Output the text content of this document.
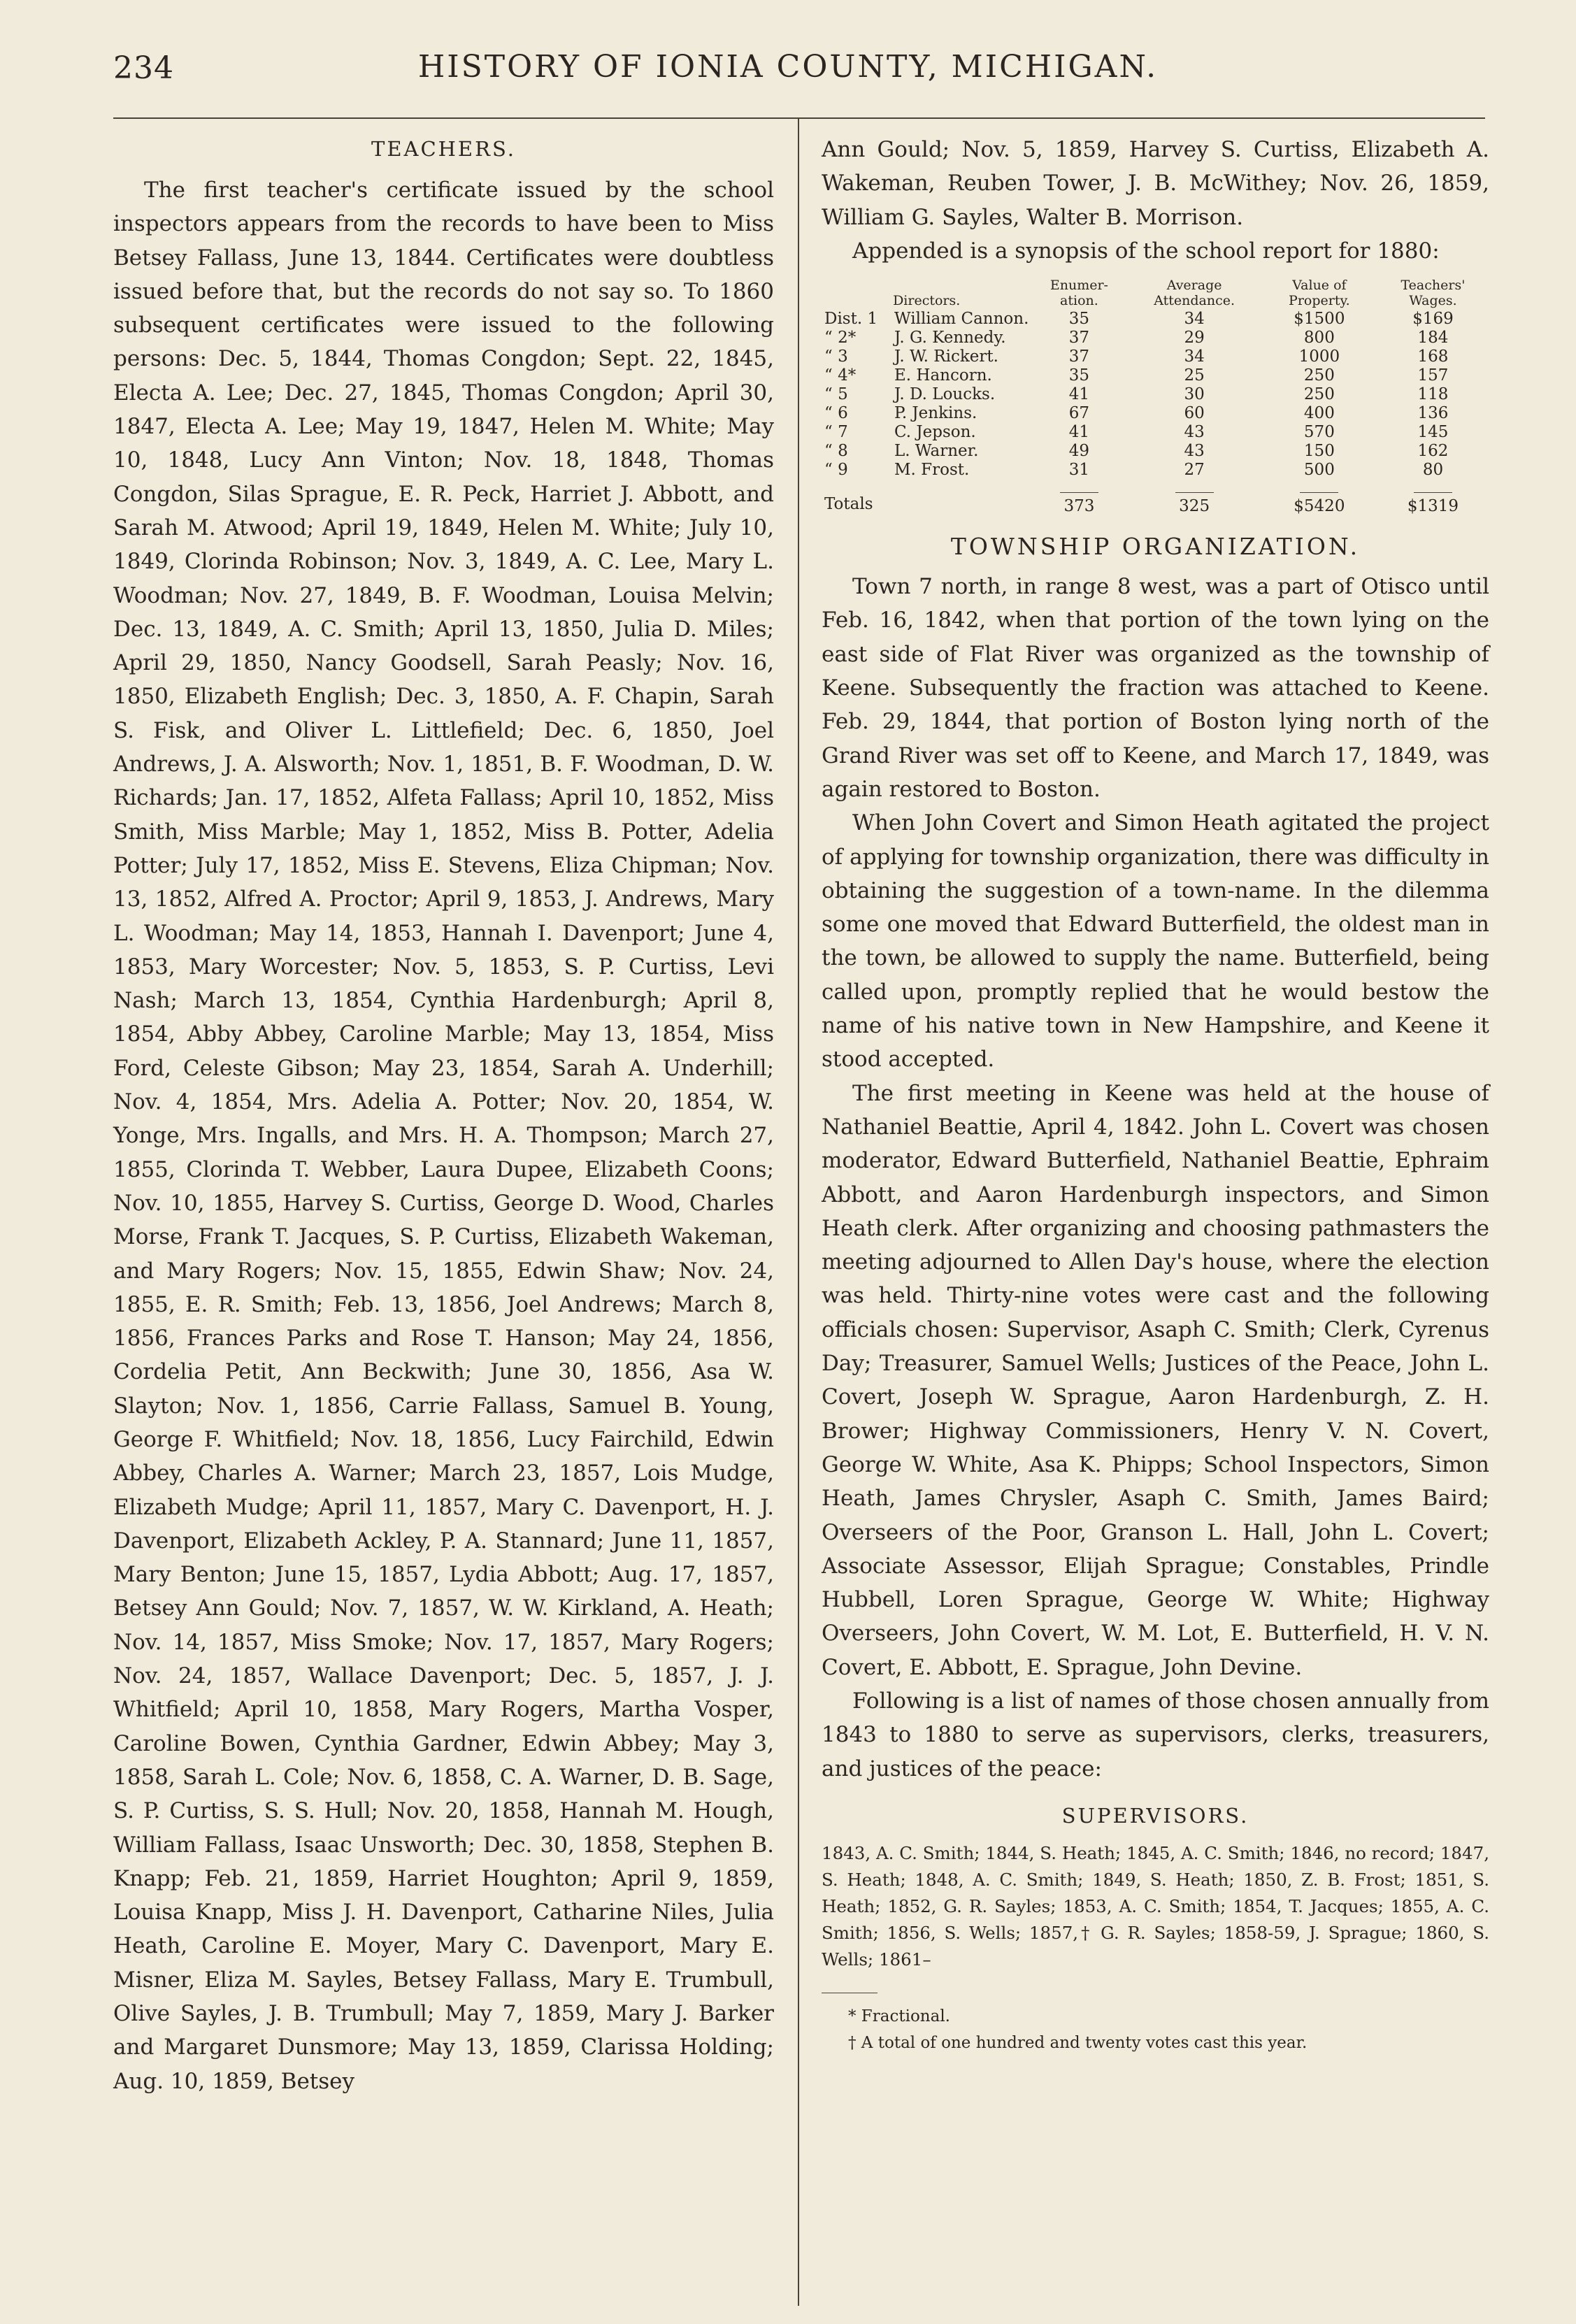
234	HISTORY OF IONIA COUNTY, MICHIGAN.
TEACHERS.

The first teacher's certificate issued by the school inspectors appears from the records to have been to Miss Betsey Fallass, June 13, 1844. Certificates were doubtless issued before that, but the records do not say so. To 1860 subsequent certificates were issued to the following persons: Dec. 5, 1844, Thomas Congdon; Sept. 22, 1845, Electa A. Lee; Dec. 27, 1845, Thomas Congdon; April 30, 1847, Electa A. Lee; May 19, 1847, Helen M. White; May 10, 1848, Lucy Ann Vinton; Nov. 18, 1848, Thomas Congdon, Silas Sprague, E. R. Peck, Harriet J. Abbott, and Sarah M. Atwood; April 19, 1849, Helen M. White; July 10, 1849, Clorinda Robinson; Nov. 3, 1849, A. C. Lee, Mary L. Woodman; Nov. 27, 1849, B. F. Woodman, Louisa Melvin; Dec. 13, 1849, A. C. Smith; April 13, 1850, Julia D. Miles; April 29, 1850, Nancy Goodsell, Sarah Peasly; Nov. 16, 1850, Elizabeth English; Dec. 3, 1850, A. F. Chapin, Sarah S. Fisk, and Oliver L. Littlefield; Dec. 6, 1850, Joel Andrews, J. A. Alsworth; Nov. 1, 1851, B. F. Woodman, D. W. Richards; Jan. 17, 1852, Alfeta Fallass; April 10, 1852, Miss Smith, Miss Marble; May 1, 1852, Miss B. Potter, Adelia Potter; July 17, 1852, Miss E. Stevens, Eliza Chipman; Nov. 13, 1852, Alfred A. Proctor; April 9, 1853, J. Andrews, Mary L. Woodman; May 14, 1853, Hannah I. Davenport; June 4, 1853, Mary Worcester; Nov. 5, 1853, S. P. Curtiss, Levi Nash; March 13, 1854, Cynthia Hardenburgh; April 8, 1854, Abby Abbey, Caroline Marble; May 13, 1854, Miss Ford, Celeste Gibson; May 23, 1854, Sarah A. Underhill; Nov. 4, 1854, Mrs. Adelia A. Potter; Nov. 20, 1854, W. Yonge, Mrs. Ingalls, and Mrs. H. A. Thompson; March 27, 1855, Clorinda T. Webber, Laura Dupee, Elizabeth Coons; Nov. 10, 1855, Harvey S. Curtiss, George D. Wood, Charles Morse, Frank T. Jacques, S. P. Curtiss, Elizabeth Wakeman, and Mary Rogers; Nov. 15, 1855, Edwin Shaw; Nov. 24, 1855, E. R. Smith; Feb. 13, 1856, Joel Andrews; March 8, 1856, Frances Parks and Rose T. Hanson; May 24, 1856, Cordelia Petit, Ann Beckwith; June 30, 1856, Asa W. Slayton; Nov. 1, 1856, Carrie Fallass, Samuel B. Young, George F. Whitfield; Nov. 18, 1856, Lucy Fairchild, Edwin Abbey, Charles A. Warner; March 23, 1857, Lois Mudge, Elizabeth Mudge; April 11, 1857, Mary C. Davenport, H. J. Davenport, Elizabeth Ackley, P. A. Stannard; June 11, 1857, Mary Benton; June 15, 1857, Lydia Abbott; Aug. 17, 1857, Betsey Ann Gould; Nov. 7, 1857, W. W. Kirkland, A. Heath; Nov. 14, 1857, Miss Smoke; Nov. 17, 1857, Mary Rogers; Nov. 24, 1857, Wallace Davenport; Dec. 5, 1857, J. J. Whitfield; April 10, 1858, Mary Rogers, Martha Vosper, Caroline Bowen, Cynthia Gardner, Edwin Abbey; May 3, 1858, Sarah L. Cole; Nov. 6, 1858, C. A. Warner, D. B. Sage, S. P. Curtiss, S. S. Hull; Nov. 20, 1858, Hannah M. Hough, William Fallass, Isaac Unsworth; Dec. 30, 1858, Stephen B. Knapp; Feb. 21, 1859, Harriet Houghton; April 9, 1859, Louisa Knapp, Miss J. H. Davenport, Catharine Niles, Julia Heath, Caroline E. Moyer, Mary C. Davenport, Mary E. Misner, Eliza M. Sayles, Betsey Fallass, Mary E. Trumbull, Olive Sayles, J. B. Trumbull; May 7, 1859, Mary J. Barker and Margaret Dunsmore; May 13, 1859, Clarissa Holding; Aug. 10, 1859, Betsey

Ann Gould; Nov. 5, 1859, Harvey S. Curtiss, Elizabeth A. Wakeman, Reuben Tower, J. B. McWithey; Nov. 26, 1859, William G. Sayles, Walter B. Morrison.

Appended is a synopsis of the school report for 1880:

Directors.		Enumer-ation.	Average Attendance.	Value of Property.	Teachers' Wages.
Dist. 1	William Cannon.	35	34	$1500	$169
“ 2*	J. G. Kennedy.	37	29	800	184
“ 3	J. W. Rickert.	37	34	1000	168
“ 4*	E. Hancorn.	35	25	250	157
“ 5	J. D. Loucks.	41	30	250	118
“ 6	P. Jenkins.	67	60	400	136
“ 7	C. Jepson.	41	43	570	145
“ 8	L. Warner.	49	43	150	162
“ 9	M. Frost.	31	27	500	80
Totals		373	325	$5420	$1319
TOWNSHIP ORGANIZATION.

Town 7 north, in range 8 west, was a part of Otisco until Feb. 16, 1842, when that portion of the town lying on the east side of Flat River was organized as the township of Keene. Subsequently the fraction was attached to Keene. Feb. 29, 1844, that portion of Boston lying north of the Grand River was set off to Keene, and March 17, 1849, was again restored to Boston.

When John Covert and Simon Heath agitated the project of applying for township organization, there was difficulty in obtaining the suggestion of a town-name. In the dilemma some one moved that Edward Butterfield, the oldest man in the town, be allowed to supply the name. Butterfield, being called upon, promptly replied that he would bestow the name of his native town in New Hampshire, and Keene it stood accepted.

The first meeting in Keene was held at the house of Nathaniel Beattie, April 4, 1842. John L. Covert was chosen moderator, Edward Butterfield, Nathaniel Beattie, Ephraim Abbott, and Aaron Hardenburgh inspectors, and Simon Heath clerk. After organizing and choosing pathmasters the meeting adjourned to Allen Day's house, where the election was held. Thirty-nine votes were cast and the following officials chosen: Supervisor, Asaph C. Smith; Clerk, Cyrenus Day; Treasurer, Samuel Wells; Justices of the Peace, John L. Covert, Joseph W. Sprague, Aaron Hardenburgh, Z. H. Brower; Highway Commissioners, Henry V. N. Covert, George W. White, Asa K. Phipps; School Inspectors, Simon Heath, James Chrysler, Asaph C. Smith, James Baird; Overseers of the Poor, Granson L. Hall, John L. Covert; Associate Assessor, Elijah Sprague; Constables, Prindle Hubbell, Loren Sprague, George W. White; Highway Overseers, John Covert, W. M. Lot, E. Butterfield, H. V. N. Covert, E. Abbott, E. Sprague, John Devine.

Following is a list of names of those chosen annually from 1843 to 1880 to serve as supervisors, clerks, treasurers, and justices of the peace:

SUPERVISORS.

1843, A. C. Smith; 1844, S. Heath; 1845, A. C. Smith; 1846, no record; 1847, S. Heath; 1848, A. C. Smith; 1849, S. Heath; 1850, Z. B. Frost; 1851, S. Heath; 1852, G. R. Sayles; 1853, A. C. Smith; 1854, T. Jacques; 1855, A. C. Smith; 1856, S. Wells; 1857,† G. R. Sayles; 1858-59, J. Sprague; 1860, S. Wells; 1861–

* Fractional.

† A total of one hundred and twenty votes cast this year.
